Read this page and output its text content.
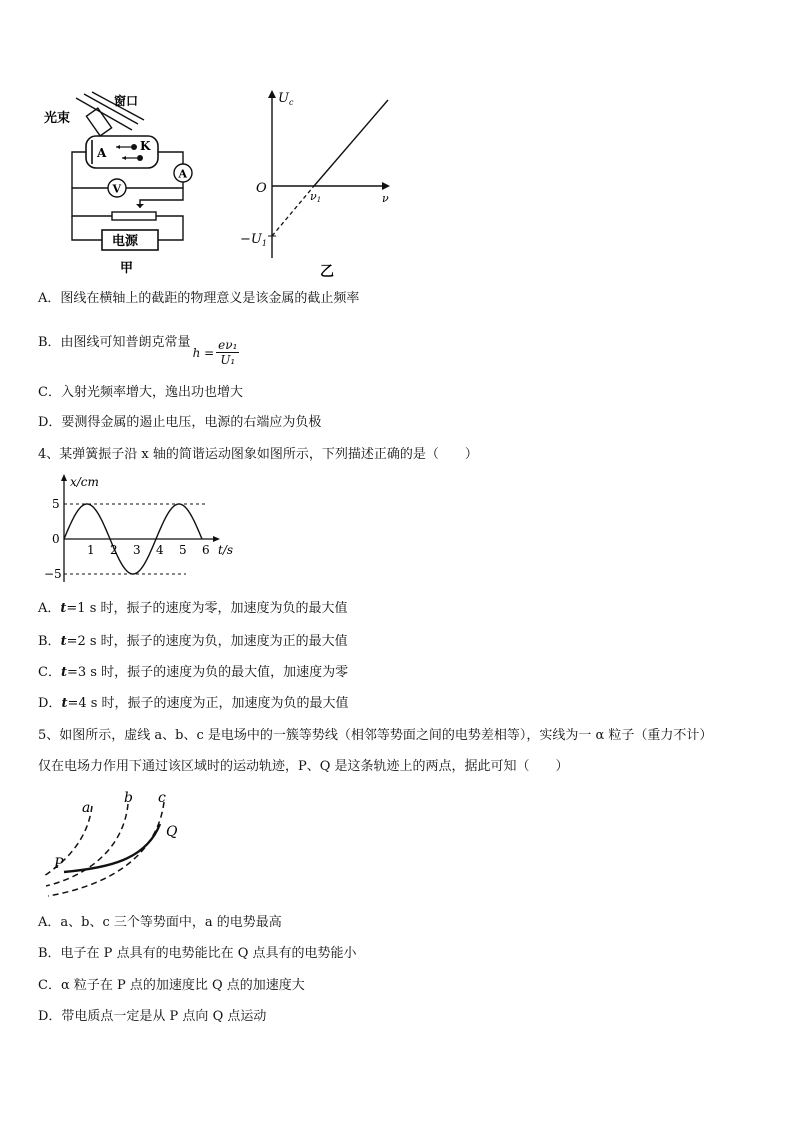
A	K
V
A
电源
光束
窗口
甲
$U_c$
O
ν
ν1
$-U_1$
乙
A．图线在横轴上的截距的物理意义是该金属的截止频率
B．由图线可知普朗克常量$h = \frac{\text{eν₁}}{\text{U₁}}$
C．入射光频率增大，逸出功也增大
D．要测得金属的遏止电压，电源的右端应为负极
4、某弹簧振子沿 x 轴的简谐运动图象如图所示，下列描述正确的是（　　）
5
0
−5
1 2 3 4 5 6
x/cm
t/s
A．t=1 s 时，振子的速度为零，加速度为负的最大值
B．t=2 s 时，振子的速度为负，加速度为正的最大值
C．t=3 s 时，振子的速度为负的最大值，加速度为零
D．t=4 s 时，振子的速度为正，加速度为负的最大值
5、如图所示，虚线 a、b、c 是电场中的一簇等势线（相邻等势面之间的电势差相等），实线为一 α 粒子（重力不计）
仅在电场力作用下通过该区域时的运动轨迹，P、Q 是这条轨迹上的两点，据此可知（　　）
a
b c
P
Q
A．a、b、c 三个等势面中，a 的电势最高
B．电子在 P 点具有的电势能比在 Q 点具有的电势能小
C．α 粒子在 P 点的加速度比 Q 点的加速度大
D．带电质点一定是从 P 点向 Q 点运动
